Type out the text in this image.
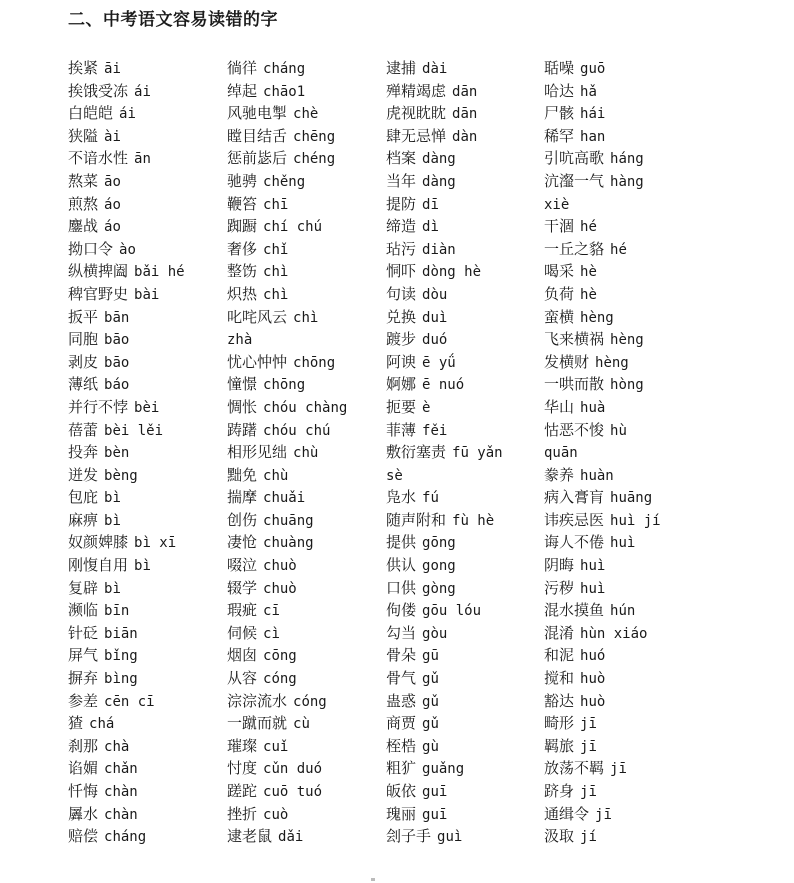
二、中考语文容易读错的字
挨紧 āi
挨饿受冻 ái
白皑皑 ái
狭隘 ài
不谙水性 ān
熬菜 āo
煎熬 áo
鏖战 áo
拗口令 ào
纵横捭阖 bǎi hé
稗官野史 bài
扳平 bān
同胞 bāo
剥皮 bāo
薄纸 báo
并行不悖 bèi
蓓蕾 bèi lěi
投奔 bèn
迸发 bèng
包庇 bì
麻痹 bì
奴颜婢膝 bì xī
刚愎自用 bì
复辟 bì
濒临 bīn
针砭 biān
屏气 bǐng
摒弃 bìng
参差 cēn cī
猹 chá
刹那 chà
谄媚 chǎn
忏悔 chàn
羼水 chàn
赔偿 cháng
徜徉 cháng
绰起 chāo1
风驰电掣 chè
瞠目结舌 chēng
惩前毖后 chéng
驰骋 chěng
鞭笞 chī
踟蹰 chí chú
奢侈 chǐ
整饬 chì
炽热 chì
叱咤风云 chì
zhà
忧心忡忡 chōng
憧憬 chōng
惆怅 chóu chàng
踌躇 chóu chú
相形见绌 chù
黜免 chù
揣摩 chuǎi
创伤 chuāng
凄怆 chuàng
啜泣 chuò
辍学 chuò
瑕疵 cī
伺候 cì
烟囱 cōng
从容 cóng
淙淙流水 cóng
一蹴而就 cù
璀璨 cuǐ
忖度 cǔn duó
蹉跎 cuō tuó
挫折 cuò
逮老鼠 dǎi
逮捕 dài
殚精竭虑 dān
虎视眈眈 dān
肆无忌惮 dàn
档案 dàng
当年 dàng
提防 dī
缔造 dì
玷污 diàn
恫吓 dòng hè
句读 dòu
兑换 duì
踱步 duó
阿谀 ē yǘ
婀娜 ē nuó
扼要 è
菲薄 fěi
敷衍塞责 fū yǎn
sè
凫水 fú
随声附和 fù hè
提供 gōng
供认 gong
口供 gòng
佝偻 gōu lóu
勾当 gòu
骨朵 gū
骨气 gǔ
蛊惑 gǔ
商贾 gǔ
桎梏 gù
粗犷 guǎng
皈依 guī
瑰丽 guī
刽子手 guì
聒噪 guō
哈达 hǎ
尸骸 hái
稀罕 han
引吭高歌 háng
沆瀣一气 hàng
xiè
干涸 hé
一丘之貉 hé
喝采 hè
负荷 hè
蛮横 hèng
飞来横祸 hèng
发横财 hèng
一哄而散 hòng
华山 huà
怙恶不悛 hù
quān
豢养 huàn
病入膏肓 huāng
讳疾忌医 huì jí
诲人不倦 huì
阴晦 huì
污秽 huì
混水摸鱼 hún
混淆 hùn xiáo
和泥 huó
搅和 huò
豁达 huò
畸形 jī
羁旅 jī
放荡不羁 jī
跻身 jī
通缉令 jī
汲取 jí
